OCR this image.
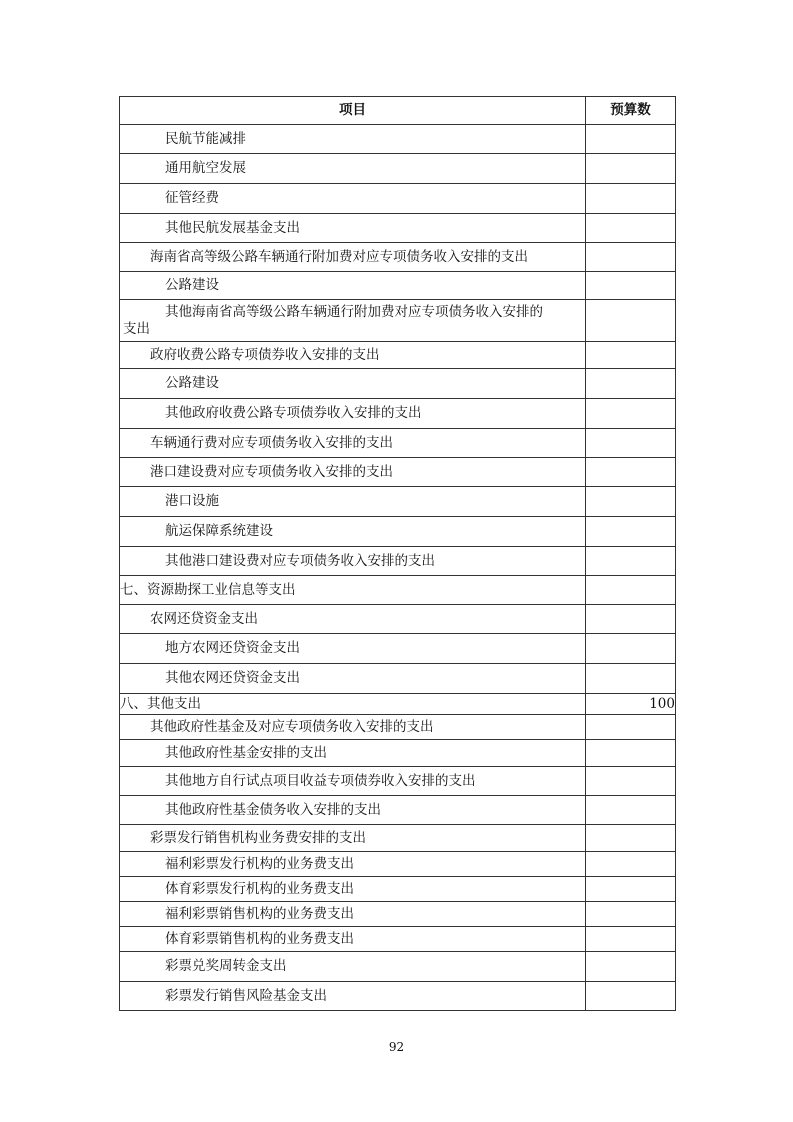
项目	预算数
民航节能减排	
通用航空发展	
征管经费	
其他民航发展基金支出	
海南省高等级公路车辆通行附加费对应专项债务收入安排的支出	
公路建设	

其他海南省高等级公路车辆通行附加费对应专项债务收入安排的
支出	
政府收费公路专项债券收入安排的支出	
公路建设	
其他政府收费公路专项债券收入安排的支出	
车辆通行费对应专项债务收入安排的支出	
港口建设费对应专项债务收入安排的支出	
港口设施	
航运保障系统建设	
其他港口建设费对应专项债务收入安排的支出	
七、资源勘探工业信息等支出	
农网还贷资金支出	
地方农网还贷资金支出	
其他农网还贷资金支出	
八、其他支出	100
其他政府性基金及对应专项债务收入安排的支出	
其他政府性基金安排的支出	
其他地方自行试点项目收益专项债券收入安排的支出	
其他政府性基金债务收入安排的支出	
彩票发行销售机构业务费安排的支出	
福利彩票发行机构的业务费支出	
体育彩票发行机构的业务费支出	
福利彩票销售机构的业务费支出	
体育彩票销售机构的业务费支出	
彩票兑奖周转金支出	
彩票发行销售风险基金支出	
92
